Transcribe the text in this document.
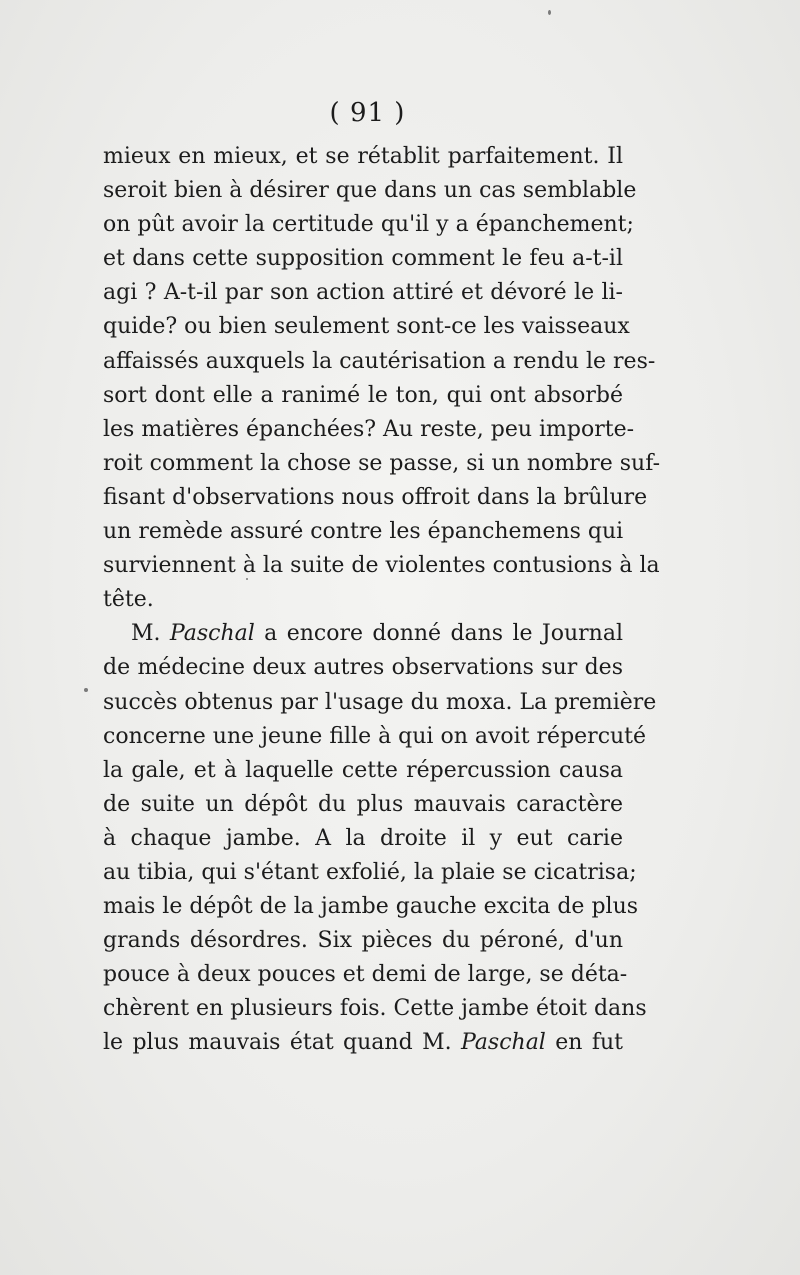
( 91 )
mieux en mieux, et se rétablit parfaitement. Il
seroit bien à désirer que dans un cas semblable
on pût avoir la certitude qu'il y a épanchement;
et dans cette supposition comment le feu a-t-il
agi ? A-t-il par son action attiré et dévoré le li-
quide? ou bien seulement sont-ce les vaisseaux
affaissés auxquels la cautérisation a rendu le res-
sort dont elle a ranimé le ton, qui ont absorbé
les matières épanchées? Au reste, peu importe-
roit comment la chose se passe, si un nombre suf-
fisant d'observations nous offroit dans la brûlure
un remède assuré contre les épanchemens qui
surviennent à la suite de violentes contusions à la
tête.
M. Paschal a encore donné dans le Journal
de médecine deux autres observations sur des
succès obtenus par l'usage du moxa. La première
concerne une jeune fille à qui on avoit répercuté
la gale, et à laquelle cette répercussion causa
de suite un dépôt du plus mauvais caractère
à chaque jambe. A la droite il y eut carie
au tibia, qui s'étant exfolié, la plaie se cicatrisa;
mais le dépôt de la jambe gauche excita de plus
grands désordres. Six pièces du péroné, d'un
pouce à deux pouces et demi de large, se déta-
chèrent en plusieurs fois. Cette jambe étoit dans
le plus mauvais état quand M. Paschal en fut
